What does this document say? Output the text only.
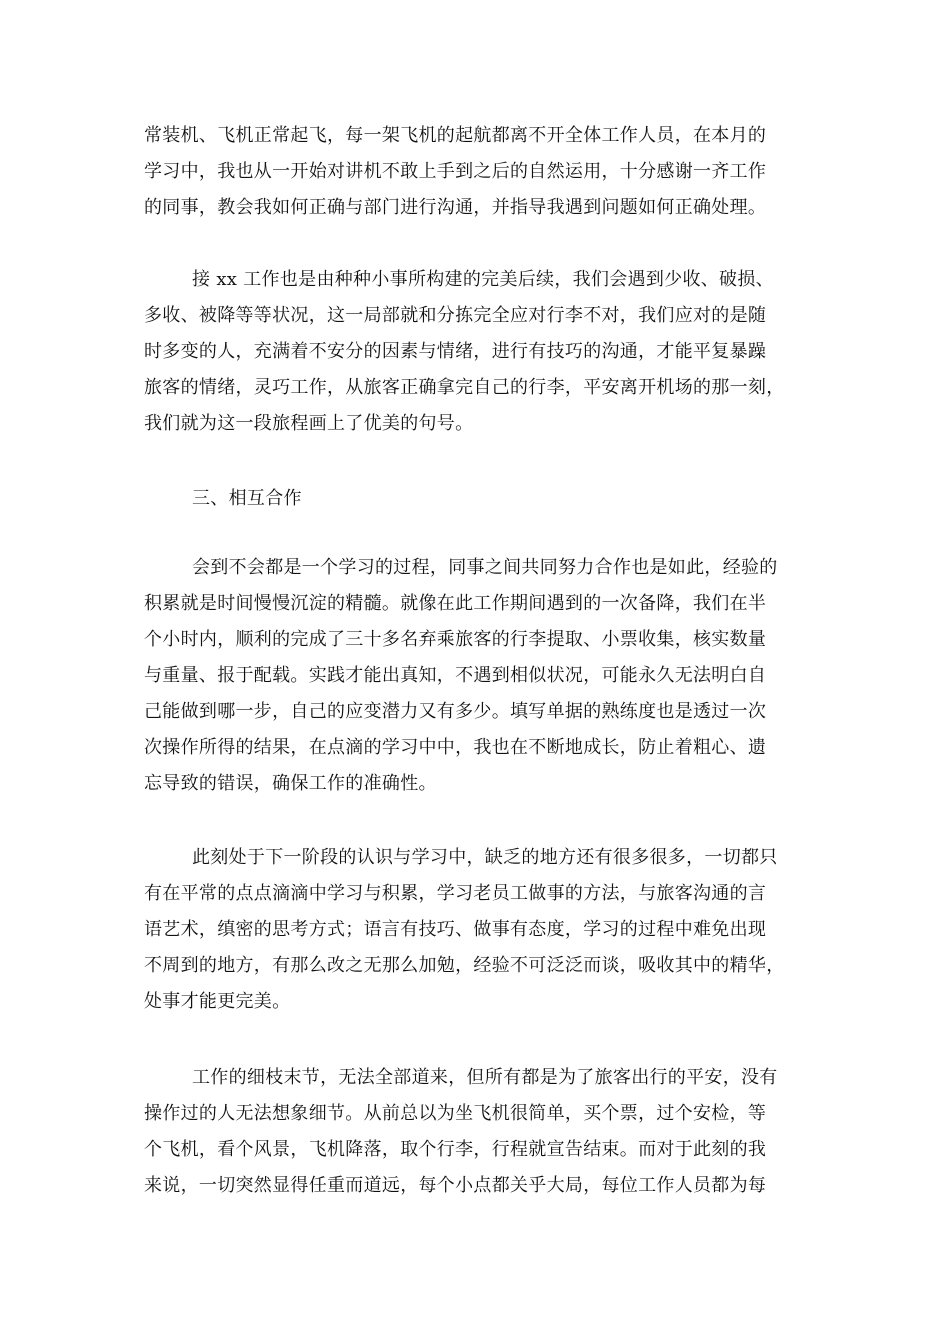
常装机、飞机正常起飞，每一架飞机的起航都离不开全体工作人员，在本月的
学习中，我也从一开始对讲机不敢上手到之后的自然运用，十分感谢一齐工作
的同事，教会我如何正确与部门进行沟通，并指导我遇到问题如何正确处理。
接 xx 工作也是由种种小事所构建的完美后续，我们会遇到少收、破损、
多收、被降等等状况，这一局部就和分拣完全应对行李不对，我们应对的是随
时多变的人，充满着不安分的因素与情绪，进行有技巧的沟通，才能平复暴躁
旅客的情绪，灵巧工作，从旅客正确拿完自己的行李，平安离开机场的那一刻，
我们就为这一段旅程画上了优美的句号。
三、相互合作
会到不会都是一个学习的过程，同事之间共同努力合作也是如此，经验的
积累就是时间慢慢沉淀的精髓。就像在此工作期间遇到的一次备降，我们在半
个小时内，顺利的完成了三十多名弃乘旅客的行李提取、小票收集，核实数量
与重量、报于配载。实践才能出真知，不遇到相似状况，可能永久无法明白自
己能做到哪一步，自己的应变潜力又有多少。填写单据的熟练度也是透过一次
次操作所得的结果，在点滴的学习中中，我也在不断地成长，防止着粗心、遗
忘导致的错误，确保工作的准确性。
此刻处于下一阶段的认识与学习中，缺乏的地方还有很多很多，一切都只
有在平常的点点滴滴中学习与积累，学习老员工做事的方法，与旅客沟通的言
语艺术，缜密的思考方式；语言有技巧、做事有态度，学习的过程中难免出现
不周到的地方，有那么改之无那么加勉，经验不可泛泛而谈，吸收其中的精华，
处事才能更完美。
工作的细枝末节，无法全部道来，但所有都是为了旅客出行的平安，没有
操作过的人无法想象细节。从前总以为坐飞机很简单，买个票，过个安检，等
个飞机，看个风景，飞机降落，取个行李，行程就宣告结束。而对于此刻的我
来说，一切突然显得任重而道远，每个小点都关乎大局，每位工作人员都为每
